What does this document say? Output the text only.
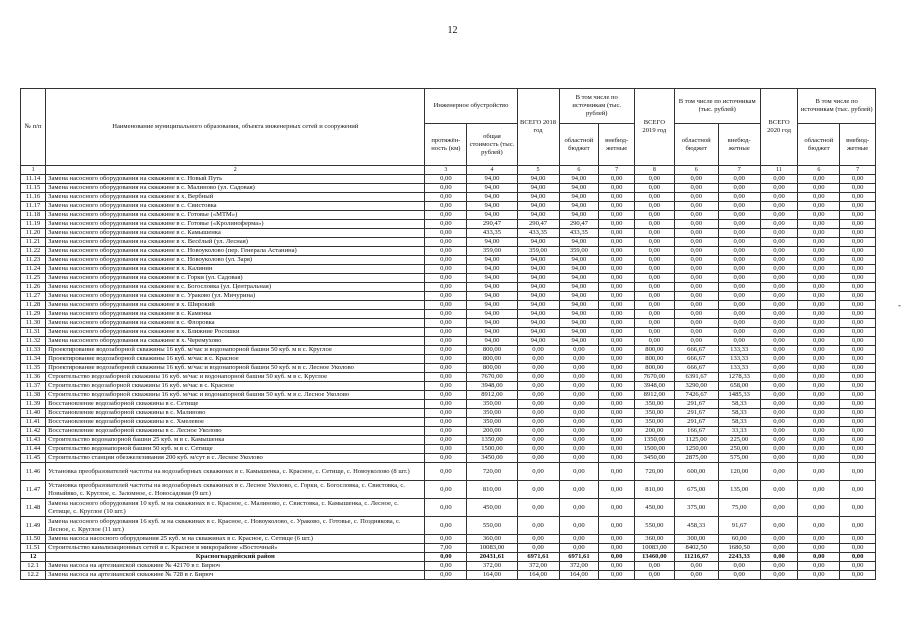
12
№ п/п	Наименование муниципального образования, объекта инженерных сетей и сооружений	Инженерное обустройство		ВСЕГО 2018 год	В том числе по источникам (тыс. рублей)		ВСЕГО 2019 год	В том числе по источникам (тыс. рублей)		ВСЕГО 2020 год	В том числе по источникам (тыс. рублей)	
		протяжён-ность (км)	общая стоимость (тыс. рублей)		областной бюджет	внебюд-жетные		областной бюджет	внебюд-жетные		областной бюджет	внебюд-жетные
1	2	3	4	5	6	7	8	6	7	11	6	7
11.14	Замена насосного оборудования на скважине в с. Новый Путь	0,00	94,00	94,00	94,00	0,00	0,00	0,00	0,00	0,00	0,00	0,00
11.15	Замена насосного оборудования на скважине в с. Малиново (ул. Садовая)	0,00	94,00	94,00	94,00	0,00	0,00	0,00	0,00	0,00	0,00	0,00
11.16	Замена насосного оборудования на скважине в х. Вербный	0,00	94,00	94,00	94,00	0,00	0,00	0,00	0,00	0,00	0,00	0,00
11.17	Замена насосного оборудования на скважине в с. Свистовка	0,00	94,00	94,00	94,00	0,00	0,00	0,00	0,00	0,00	0,00	0,00
11.18	Замена насосного оборудования на скважине в с. Готовье («МТМ»)	0,00	94,00	94,00	94,00	0,00	0,00	0,00	0,00	0,00	0,00	0,00
11.19	Замена насосного оборудования на скважине в с. Готовье («Кролиноферма»)	0,00	290,47	290,47	290,47	0,00	0,00	0,00	0,00	0,00	0,00	0,00
11.20	Замена насосного оборудования на скважине в с. Камышенка	0,00	433,35	433,35	433,35	0,00	0,00	0,00	0,00	0,00	0,00	0,00
11.21	Замена насосного оборудования на скважине в х. Весёлый (ул. Лесная)	0,00	94,00	94,00	94,00	0,00	0,00	0,00	0,00	0,00	0,00	0,00
11.22	Замена насосного оборудования на скважине в с. Новоуколово (пер. Генерала Астанина)	0,00	359,00	359,00	359,00	0,00	0,00	0,00	0,00	0,00	0,00	0,00
11.23	Замена насосного оборудования на скважине в с. Новоуколово (ул. Заря)	0,00	94,00	94,00	94,00	0,00	0,00	0,00	0,00	0,00	0,00	0,00
11.24	Замена насосного оборудования на скважине в х. Калинин	0,00	94,00	94,00	94,00	0,00	0,00	0,00	0,00	0,00	0,00	0,00
11.25	Замена насосного оборудования на скважине в с. Горки (ул. Садовая)	0,00	94,00	94,00	94,00	0,00	0,00	0,00	0,00	0,00	0,00	0,00
11.26	Замена насосного оборудования на скважине в с. Богословка (ул. Центральная)	0,00	94,00	94,00	94,00	0,00	0,00	0,00	0,00	0,00	0,00	0,00
11.27	Замена насосного оборудования на скважине в с. Ураково (ул. Мичурина)	0,00	94,00	94,00	94,00	0,00	0,00	0,00	0,00	0,00	0,00	0,00
11.28	Замена насосного оборудования на скважине в х. Широкий	0,00	94,00	94,00	94,00	0,00	0,00	0,00	0,00	0,00	0,00	0,00
11.29	Замена насосного оборудования на скважине в с. Каменка	0,00	94,00	94,00	94,00	0,00	0,00	0,00	0,00	0,00	0,00	0,00
11.30	Замена насосного оборудования на скважине в с. Флоровка	0,00	94,00	94,00	94,00	0,00	0,00	0,00	0,00	0,00	0,00	0,00
11.31	Замена насосного оборудования на скважине в х. Ближние Росошки	0,00	94,00	94,00	94,00	0,00	0,00	0,00	0,00	0,00	0,00	0,00
11.32	Замена насосного оборудования на скважине в х. Черемухово	0,00	94,00	94,00	94,00	0,00	0,00	0,00	0,00	0,00	0,00	0,00
11.33	Проектирование водозаборной скважины 16 куб. м/час и водонапорной башни 50 куб. м в с. Круглое	0,00	800,00	0,00	0,00	0,00	800,00	666,67	133,33	0,00	0,00	0,00
11.34	Проектирование водозаборной скважины 16 куб. м/час в с. Красное	0,00	800,00	0,00	0,00	0,00	800,00	666,67	133,33	0,00	0,00	0,00
11.35	Проектирование водозаборной скважины 16 куб. м/час и водонапорной башни 50 куб. м в с. Лесное Уколово	0,00	800,00	0,00	0,00	0,00	800,00	666,67	133,33	0,00	0,00	0,00
11.36	Строительство водозаборной скважины 16 куб. м/час и водонапорной башни 50 куб. м в с. Круглое	0,00	7670,00	0,00	0,00	0,00	7670,00	6391,67	1278,33	0,00	0,00	0,00
11.37	Строительство водозаборной скважины 16 куб. м/час в с. Красное	0,00	3948,00	0,00	0,00	0,00	3948,00	3290,00	658,00	0,00	0,00	0,00
11.38	Строительство водозаборной скважины 16 куб. м/час и водонапорной башни 50 куб. м в с. Лесное Уколово	0,00	8912,00	0,00	0,00	0,00	8912,00	7426,67	1485,33	0,00	0,00	0,00
11.39	Восстановление водозаборной скважины в с. Сетище	0,00	350,00	0,00	0,00	0,00	350,00	291,67	58,33	0,00	0,00	0,00
11.40	Восстановление водозаборной скважины в с. Малиново	0,00	350,00	0,00	0,00	0,00	350,00	291,67	58,33	0,00	0,00	0,00
11.41	Восстановление водозаборной скважины в с. Хмелевое	0,00	350,00	0,00	0,00	0,00	350,00	291,67	58,33	0,00	0,00	0,00
11.42	Восстановление водозаборной скважины в с. Лесное Уколово	0,00	200,00	0,00	0,00	0,00	200,00	166,67	33,33	0,00	0,00	0,00
11.43	Строительство водонапорной башни 25 куб. м в с. Камышенка	0,00	1350,00	0,00	0,00	0,00	1350,00	1125,00	225,00	0,00	0,00	0,00
11.44	Строительство водонапорной башни 50 куб. м в с. Сетище	0,00	1500,00	0,00	0,00	0,00	1500,00	1250,00	250,00	0,00	0,00	0,00
11.45	Строительство станции обезжелезивания 200 куб. м/сут в с. Лесное Уколово	0,00	3450,00	0,00	0,00	0,00	3450,00	2875,00	575,00	0,00	0,00	0,00
11.46	Установка преобразователей частоты на водозаборных скважинах в с. Камышенка, с. Красное, с. Сетище, с. Новоуколово (8 шт.)	0,00	720,00	0,00	0,00	0,00	720,00	600,00	120,00	0,00	0,00	0,00
11.47	Установка преобразователей частоты на водозаборных скважинах в с. Лесное Уколово, с. Горки, с. Богословка, с. Свистовка, с. Новыйвко, с. Круглое, с. Заломное, с. Новосадовая (9 шт.)	0,00	810,00	0,00	0,00	0,00	810,00	675,00	135,00	0,00	0,00	0,00
11.48	Замена насосного оборудования 10 куб. м на скважинах в с. Красное, с. Малиново, с. Свистовка, с. Камышенка, с. Лесное, с. Сетище, с. Круглое (10 шт.)	0,00	450,00	0,00	0,00	0,00	450,00	375,00	75,00	0,00	0,00	0,00
11.49	Замена насосного оборудования 16 куб. м на скважинах в с. Красное, с. Новоуколово, с. Ураково, с. Готовье, с. Позднякова, с. Лесное, с. Круглое (11 шт.)	0,00	550,00	0,00	0,00	0,00	550,00	458,33	91,67	0,00	0,00	0,00
11.50	Замена насоса насосного оборудования 25 куб. м на скважинах в с. Красное, с. Сетище (6 шт.)	0,00	360,00	0,00	0,00	0,00	360,00	300,00	60,00	0,00	0,00	0,00
11.51	Строительство канализационных сетей в с. Красное в микрорайоне «Восточный»	7,00	10083,00	0,00	0,00	0,00	10083,00	8402,50	1680,50	0,00	0,00	0,00
12	Красногвардейский район	0,00	20431,61	6971,61	6971,61	0,00	13460,00	11216,67	2243,33	0,00	0,00	0,00
12.1	Замена насоса на артезианской скважине № 42170 в г. Бирюч	0,00	372,00	372,00	372,00	0,00	0,00	0,00	0,00	0,00	0,00	0,00
12.2	Замена насоса на артезианской скважине № 728 в г. Бирюч	0,00	164,00	164,00	164,00	0,00	0,00	0,00	0,00	0,00	0,00	0,00
-
